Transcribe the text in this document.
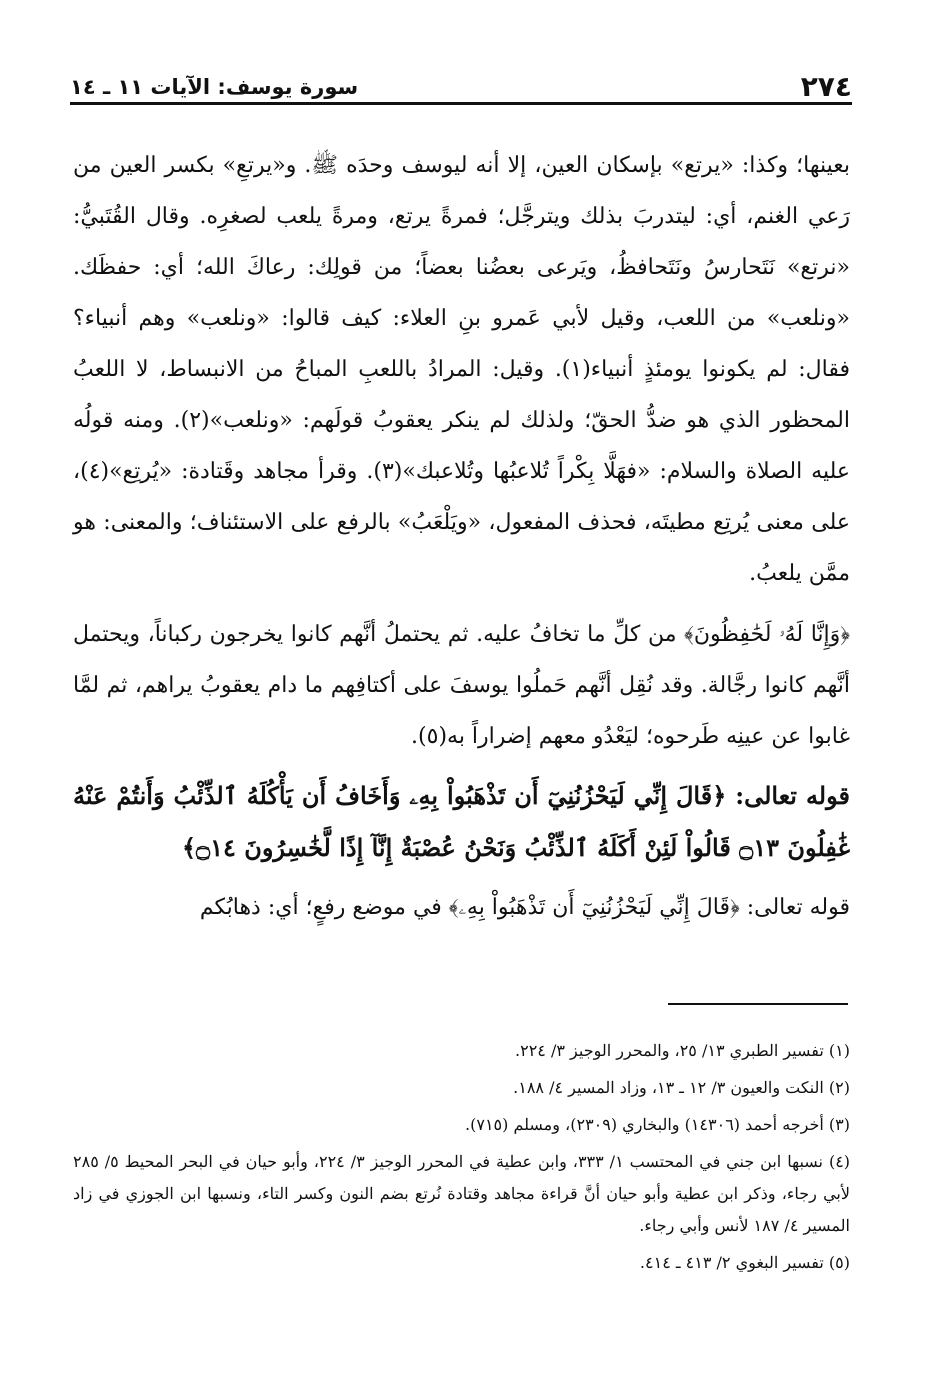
٢٧٤
سورة يوسف: الآيات ١١ ـ ١٤

بعينها؛ وكذا: «يرتع» بإسكان العين، إلا أنه ليوسف وحدَه ﷺ. و«يرتعِ» بكسر العين من رَعي الغنم، أي: ليتدربَ بذلك ويترجَّل؛ فمرةً يرتع، ومرةً يلعب لصغرِه. وقال القُتَبيُّ: «نرتع» نَتَحارسُ ونَتَحافظُ، ويَرعى بعضُنا بعضاً؛ من قولِك: رعاكَ الله؛ أي: حفظَك. «ونلعب» من اللعب، وقيل لأبي عَمرو بنِ العلاء: كيف قالوا: «ونلعب» وهم أنبياء؟ فقال: لم يكونوا يومئذٍ أنبياء(١). وقيل: المرادُ باللعبِ المباحُ من الانبساط، لا اللعبُ المحظور الذي هو ضدُّ الحقّ؛ ولذلك لم ينكر يعقوبُ قولَهم: «ونلعب»(٢). ومنه قولُه عليه الصلاة والسلام: «فهَلَّا بِكْراً تُلاعبُها وتُلاعبك»(٣). وقرأ مجاهد وقَتادة: «يُرتِع»(٤)، على معنى يُرتِع مطيتَه، فحذف المفعول، «ويَلْعَبُ» بالرفع على الاستئناف؛ والمعنى: هو ممَّن يلعبُ.

﴿وَإِنَّا لَهُۥ لَحَٰفِظُونَ﴾ من كلِّ ما تخافُ عليه. ثم يحتملُ أنَّهم كانوا يخرجون ركباناً، ويحتمل أنَّهم كانوا رجَّالة. وقد نُقِل أنَّهم حَملُوا يوسفَ على أكتافِهم ما دام يعقوبُ يراهم، ثم لمَّا غابوا عن عينِه طَرحوه؛ ليَعْدُو معهم إضراراً به(٥).

قوله تعالى: ﴿قَالَ إِنِّي لَيَحْزُنُنِيٓ أَن تَذْهَبُواْ بِهِۦ وَأَخَافُ أَن يَأْكُلَهُ ٱلذِّئْبُ وَأَنتُمْ عَنْهُ غَٰفِلُونَ ۝١٣ قَالُواْ لَئِنْ أَكَلَهُ ٱلذِّئْبُ وَنَحْنُ عُصْبَةٌ إِنَّآ إِذًا لَّخَٰسِرُونَ ۝١٤﴾

قوله تعالى: ﴿قَالَ إِنِّي لَيَحْزُنُنِيٓ أَن تَذْهَبُواْ بِهِۦ﴾ في موضع رفعٍ؛ أي: ذهابُكم

(١) تفسير الطبري ١٣/ ٢٥، والمحرر الوجيز ٣/ ٢٢٤.
(٢) النكت والعيون ٣/ ١٢ ـ ١٣، وزاد المسير ٤/ ١٨٨.
(٣) أخرجه أحمد (١٤٣٠٦) والبخاري (٢٣٠٩)، ومسلم (٧١٥).
(٤) نسبها ابن جني في المحتسب ١/ ٣٣٣، وابن عطية في المحرر الوجيز ٣/ ٢٢٤، وأبو حيان في البحر المحيط ٥/ ٢٨٥ لأبي رجاء، وذكر ابن عطية وأبو حيان أنَّ قراءة مجاهد وقتادة نُرتع بضم النون وكسر التاء، ونسبها ابن الجوزي في زاد المسير ٤/ ١٨٧ لأنس وأبي رجاء.
(٥) تفسير البغوي ٢/ ٤١٣ ـ ٤١٤.
